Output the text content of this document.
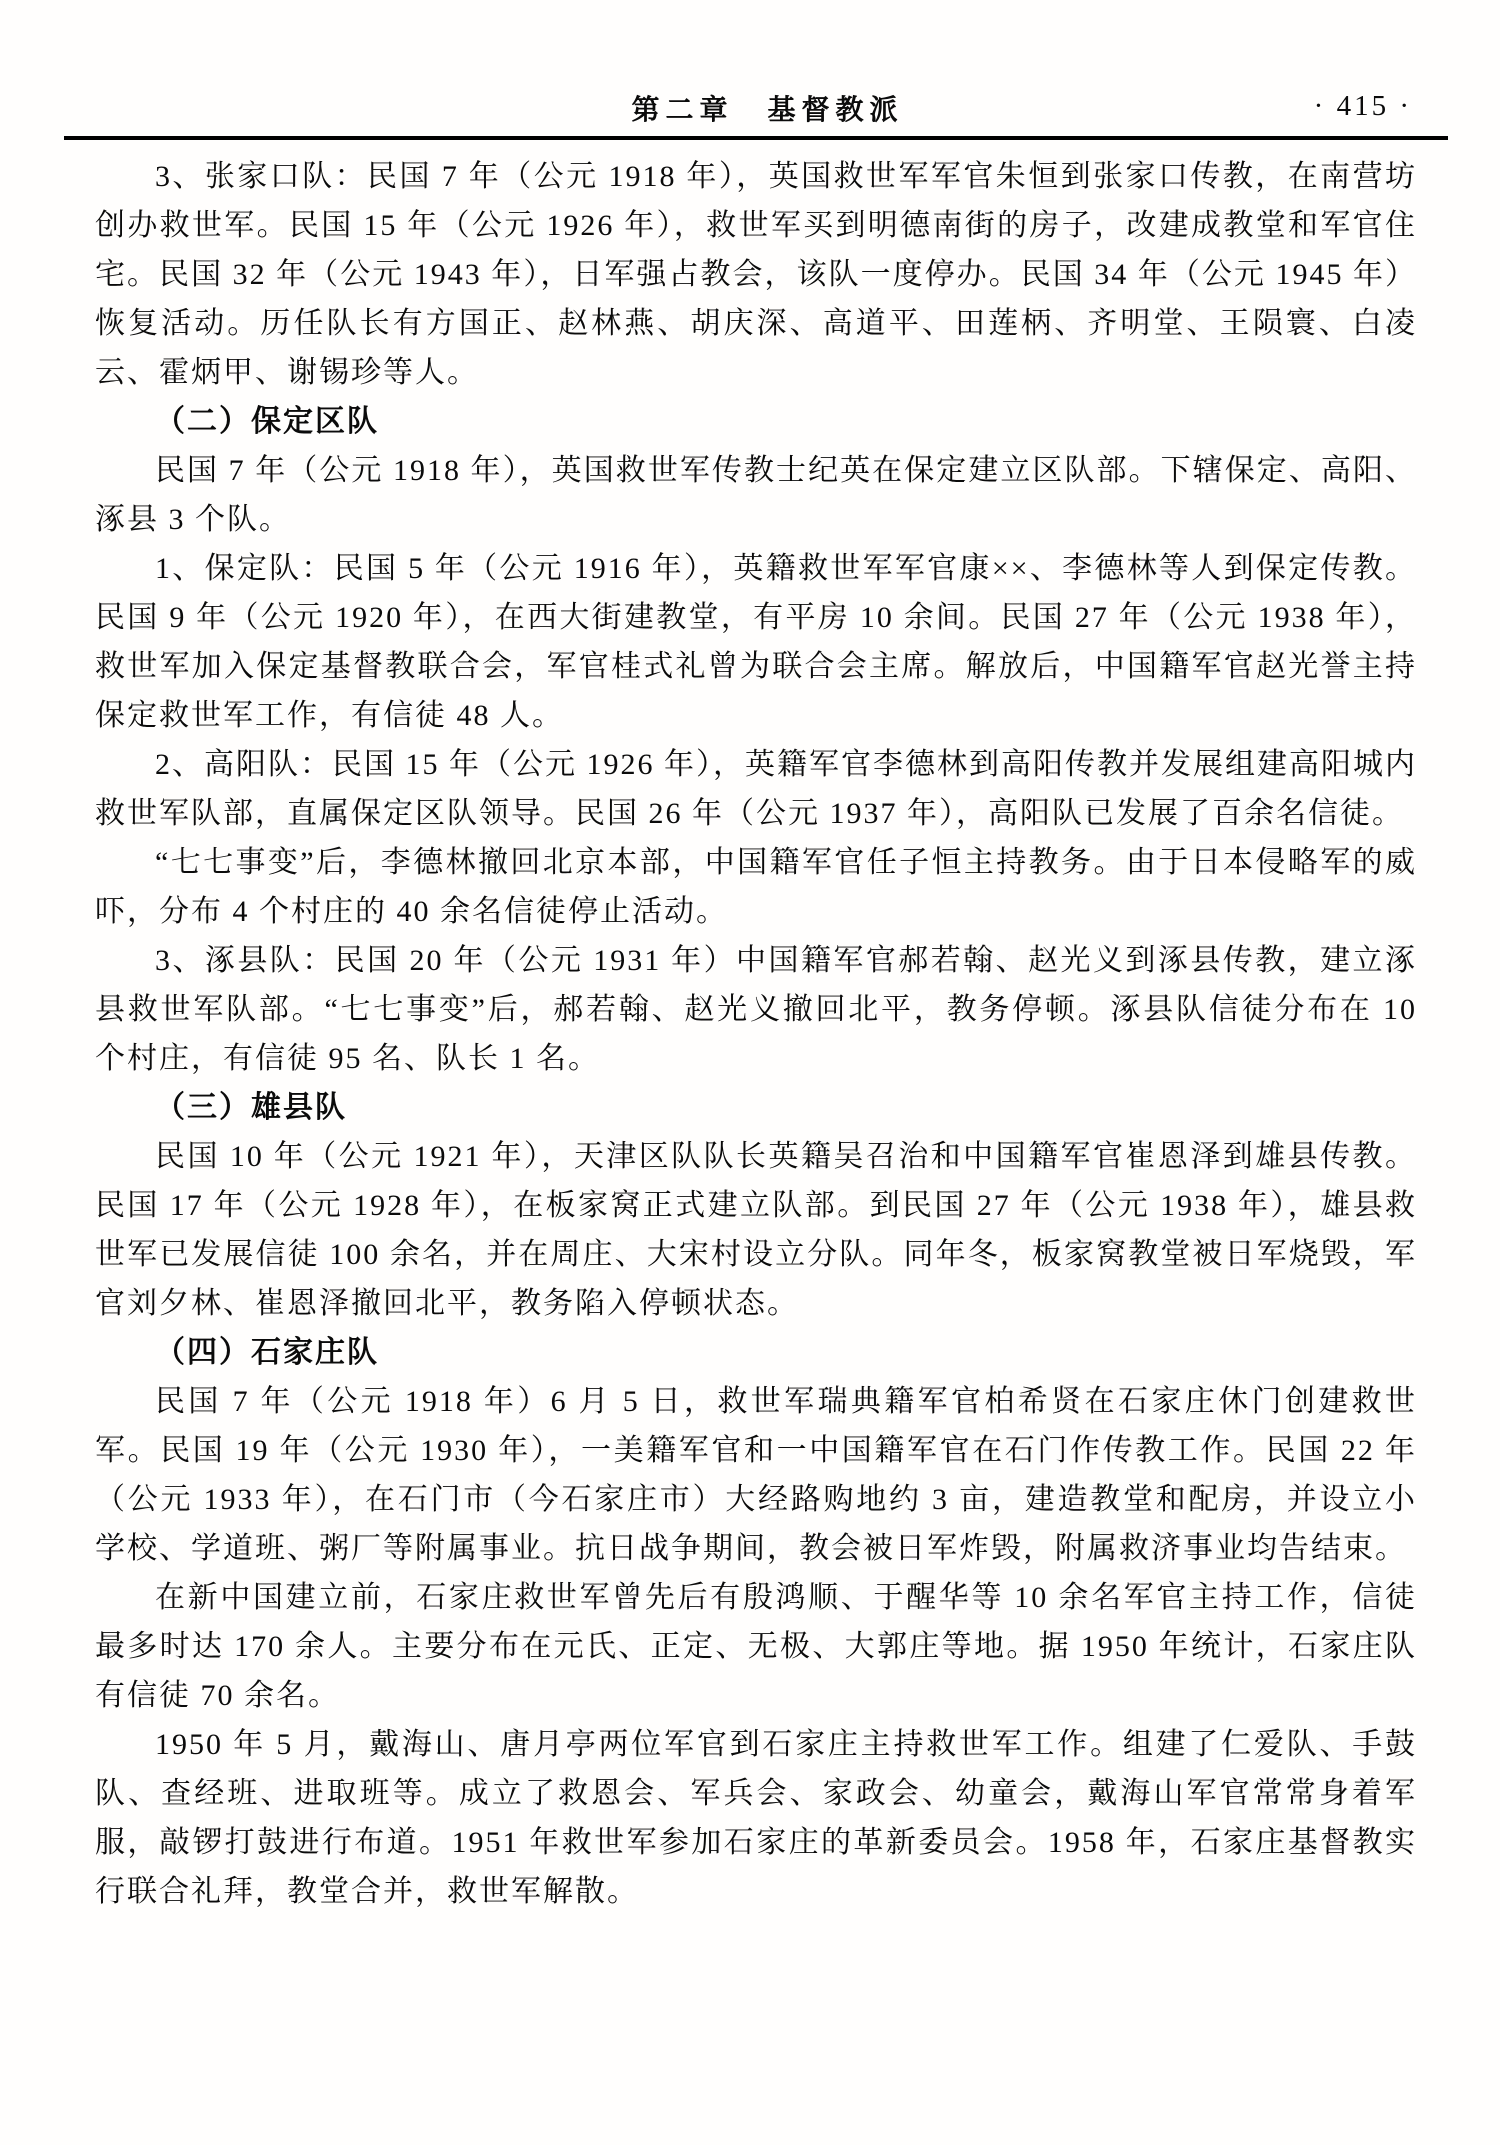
第二章　基督教派	· 415 ·

3、张家口队：民国 7 年（公元 1918 年），英国救世军军官朱恒到张家口传教，在南营坊创办救世军。民国 15 年（公元 1926 年），救世军买到明德南街的房子，改建成教堂和军官住宅。民国 32 年（公元 1943 年），日军强占教会，该队一度停办。民国 34 年（公元 1945 年）恢复活动。历任队长有方国正、赵林燕、胡庆深、高道平、田莲柄、齐明堂、王陨寰、白凌云、霍炳甲、谢锡珍等人。

（二）保定区队

民国 7 年（公元 1918 年），英国救世军传教士纪英在保定建立区队部。下辖保定、高阳、涿县 3 个队。

1、保定队：民国 5 年（公元 1916 年），英籍救世军军官康××、李德林等人到保定传教。民国 9 年（公元 1920 年），在西大街建教堂，有平房 10 余间。民国 27 年（公元 1938 年），救世军加入保定基督教联合会，军官桂式礼曾为联合会主席。解放后，中国籍军官赵光誉主持保定救世军工作，有信徒 48 人。

2、高阳队：民国 15 年（公元 1926 年），英籍军官李德林到高阳传教并发展组建高阳城内救世军队部，直属保定区队领导。民国 26 年（公元 1937 年），高阳队已发展了百余名信徒。

“七七事变”后，李德林撤回北京本部，中国籍军官任子恒主持教务。由于日本侵略军的威吓，分布 4 个村庄的 40 余名信徒停止活动。

3、涿县队：民国 20 年（公元 1931 年）中国籍军官郝若翰、赵光义到涿县传教，建立涿县救世军队部。“七七事变”后，郝若翰、赵光义撤回北平，教务停顿。涿县队信徒分布在 10 个村庄，有信徒 95 名、队长 1 名。

（三）雄县队

民国 10 年（公元 1921 年），天津区队队长英籍吴召治和中国籍军官崔恩泽到雄县传教。民国 17 年（公元 1928 年），在板家窝正式建立队部。到民国 27 年（公元 1938 年），雄县救世军已发展信徒 100 余名，并在周庄、大宋村设立分队。同年冬，板家窝教堂被日军烧毁，军官刘夕林、崔恩泽撤回北平，教务陷入停顿状态。

（四）石家庄队

民国 7 年（公元 1918 年）6 月 5 日，救世军瑞典籍军官柏希贤在石家庄休门创建救世军。民国 19 年（公元 1930 年），一美籍军官和一中国籍军官在石门作传教工作。民国 22 年（公元 1933 年），在石门市（今石家庄市）大经路购地约 3 亩，建造教堂和配房，并设立小学校、学道班、粥厂等附属事业。抗日战争期间，教会被日军炸毁，附属救济事业均告结束。

在新中国建立前，石家庄救世军曾先后有殷鸿顺、于醒华等 10 余名军官主持工作，信徒最多时达 170 余人。主要分布在元氏、正定、无极、大郭庄等地。据 1950 年统计，石家庄队有信徒 70 余名。

1950 年 5 月，戴海山、唐月亭两位军官到石家庄主持救世军工作。组建了仁爱队、手鼓队、查经班、进取班等。成立了救恩会、军兵会、家政会、幼童会，戴海山军官常常身着军服，敲锣打鼓进行布道。1951 年救世军参加石家庄的革新委员会。1958 年，石家庄基督教实行联合礼拜，教堂合并，救世军解散。
